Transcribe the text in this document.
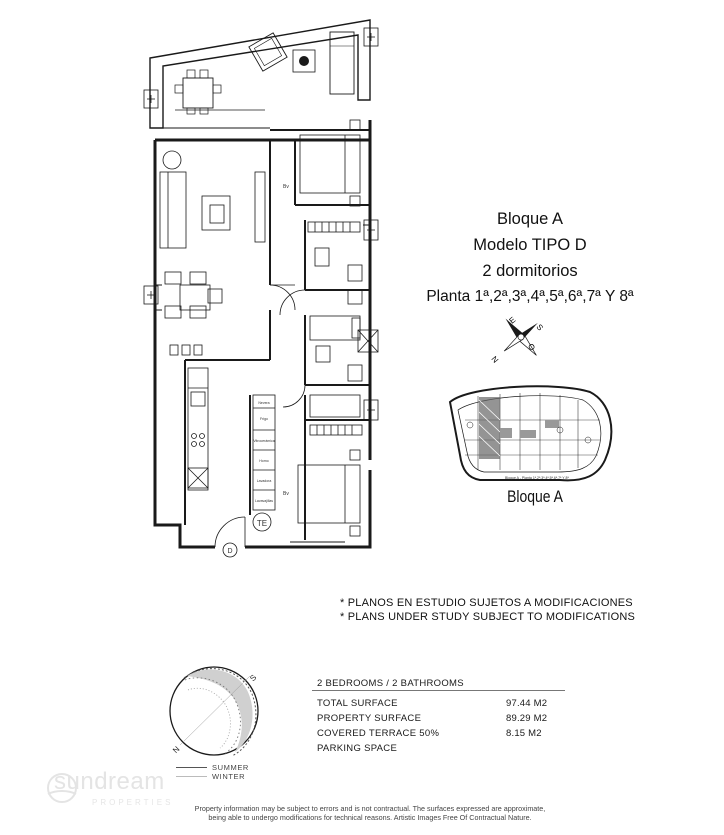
TE
D
Nevera
Frigo
Vitrocerámica
Horno
Lavadora
Lavavajillas
Bv
Bv
E
S
N
O
Bloque A - Planta 1ª,2ª,3ª,4ª,5ª,6ª,7ª Y 8ª
S
N
Bloque A
Modelo TIPO D
2 dormitorios
Planta 1ª,2ª,3ª,4ª,5ª,6ª,7ª Y 8ª
Bloque A
* PLANOS EN ESTUDIO SUJETOS A MODIFICACIONES
* PLANS UNDER STUDY SUBJECT TO MODIFICATIONS
2 BEDROOMS / 2 BATHROOMS
TOTAL SURFACE	97.44 M2
PROPERTY SURFACE	89.29 M2
COVERED TERRACE 50%	8.15 M2
PARKING SPACE
SUMMER
WINTER
sundream
PROPERTIES
Property information may be subject to errors and is not contractual. The surfaces expressed are approximate,
being able to undergo modifications for technical reasons. Artistic Images Free Of Contractual Nature.
